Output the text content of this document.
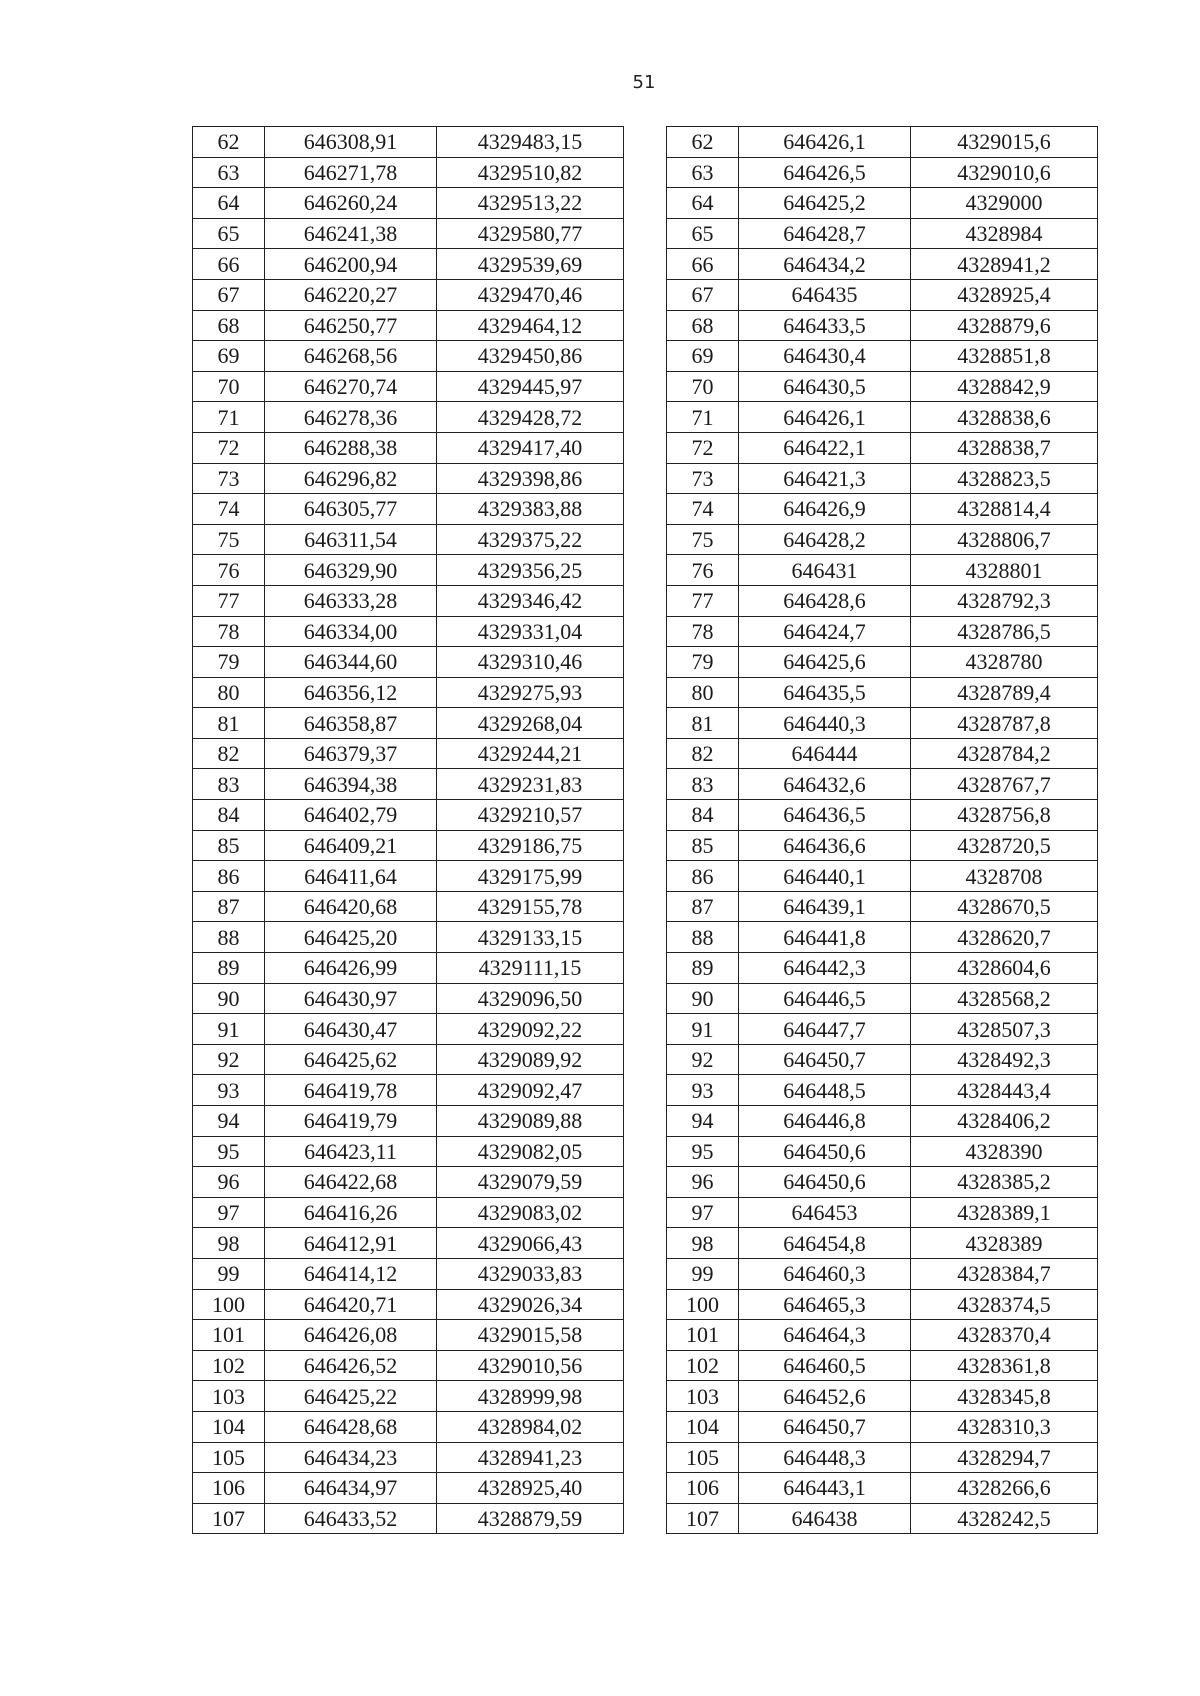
51
62	646308,91	4329483,15
63	646271,78	4329510,82
64	646260,24	4329513,22
65	646241,38	4329580,77
66	646200,94	4329539,69
67	646220,27	4329470,46
68	646250,77	4329464,12
69	646268,56	4329450,86
70	646270,74	4329445,97
71	646278,36	4329428,72
72	646288,38	4329417,40
73	646296,82	4329398,86
74	646305,77	4329383,88
75	646311,54	4329375,22
76	646329,90	4329356,25
77	646333,28	4329346,42
78	646334,00	4329331,04
79	646344,60	4329310,46
80	646356,12	4329275,93
81	646358,87	4329268,04
82	646379,37	4329244,21
83	646394,38	4329231,83
84	646402,79	4329210,57
85	646409,21	4329186,75
86	646411,64	4329175,99
87	646420,68	4329155,78
88	646425,20	4329133,15
89	646426,99	4329111,15
90	646430,97	4329096,50
91	646430,47	4329092,22
92	646425,62	4329089,92
93	646419,78	4329092,47
94	646419,79	4329089,88
95	646423,11	4329082,05
96	646422,68	4329079,59
97	646416,26	4329083,02
98	646412,91	4329066,43
99	646414,12	4329033,83
100	646420,71	4329026,34
101	646426,08	4329015,58
102	646426,52	4329010,56
103	646425,22	4328999,98
104	646428,68	4328984,02
105	646434,23	4328941,23
106	646434,97	4328925,40
107	646433,52	4328879,59
62	646426,1	4329015,6
63	646426,5	4329010,6
64	646425,2	4329000
65	646428,7	4328984
66	646434,2	4328941,2
67	646435	4328925,4
68	646433,5	4328879,6
69	646430,4	4328851,8
70	646430,5	4328842,9
71	646426,1	4328838,6
72	646422,1	4328838,7
73	646421,3	4328823,5
74	646426,9	4328814,4
75	646428,2	4328806,7
76	646431	4328801
77	646428,6	4328792,3
78	646424,7	4328786,5
79	646425,6	4328780
80	646435,5	4328789,4
81	646440,3	4328787,8
82	646444	4328784,2
83	646432,6	4328767,7
84	646436,5	4328756,8
85	646436,6	4328720,5
86	646440,1	4328708
87	646439,1	4328670,5
88	646441,8	4328620,7
89	646442,3	4328604,6
90	646446,5	4328568,2
91	646447,7	4328507,3
92	646450,7	4328492,3
93	646448,5	4328443,4
94	646446,8	4328406,2
95	646450,6	4328390
96	646450,6	4328385,2
97	646453	4328389,1
98	646454,8	4328389
99	646460,3	4328384,7
100	646465,3	4328374,5
101	646464,3	4328370,4
102	646460,5	4328361,8
103	646452,6	4328345,8
104	646450,7	4328310,3
105	646448,3	4328294,7
106	646443,1	4328266,6
107	646438	4328242,5
